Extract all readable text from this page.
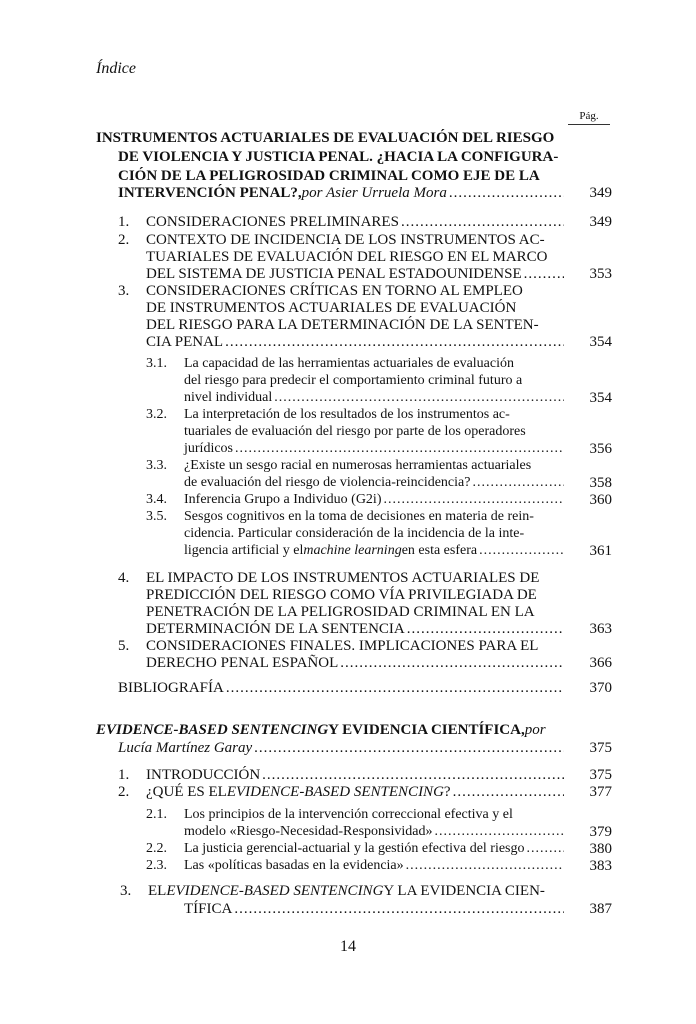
Índice
Pág.
INSTRUMENTOS ACTUARIALES DE EVALUACIÓN DEL RIESGO
DE VIOLENCIA Y JUSTICIA PENAL. ¿HACIA LA CONFIGURA-
CIÓN DE LA PELIGROSIDAD CRIMINAL COMO EJE DE LA
INTERVENCIÓN PENAL?, por Asier Urruela Mora .....	349
1. CONSIDERACIONES PRELIMINARES .....	349
2. CONTEXTO DE INCIDENCIA DE LOS INSTRUMENTOS AC-
TUARIALES DE EVALUACIÓN DEL RIESGO EN EL MARCO
DEL SISTEMA DE JUSTICIA PENAL ESTADOUNIDENSE .....	353
3. CONSIDERACIONES CRÍTICAS EN TORNO AL EMPLEO
DE INSTRUMENTOS ACTUARIALES DE EVALUACIÓN
DEL RIESGO PARA LA DETERMINACIÓN DE LA SENTEN-
CIA PENAL .....	354
3.1. La capacidad de las herramientas actuariales de evaluación
del riesgo para predecir el comportamiento criminal futuro a
nivel individual .....	354
3.2. La interpretación de los resultados de los instrumentos ac-
tuariales de evaluación del riesgo por parte de los operadores
jurídicos .....	356
3.3. ¿Existe un sesgo racial en numerosas herramientas actuariales
de evaluación del riesgo de violencia-reincidencia? .....	358
3.4. Inferencia Grupo a Individuo (G2i) .....	360
3.5. Sesgos cognitivos en la toma de decisiones en materia de rein-
cidencia. Particular consideración de la incidencia de la inte-
ligencia artificial y el machine learning en esta esfera .....	361
4. EL IMPACTO DE LOS INSTRUMENTOS ACTUARIALES DE
PREDICCIÓN DEL RIESGO COMO VÍA PRIVILEGIADA DE
PENETRACIÓN DE LA PELIGROSIDAD CRIMINAL EN LA
DETERMINACIÓN DE LA SENTENCIA .....	363
5. CONSIDERACIONES FINALES. IMPLICACIONES PARA EL
DERECHO PENAL ESPAÑOL .....	366
BIBLIOGRAFÍA .....	370
EVIDENCE-BASED SENTENCING Y EVIDENCIA CIENTÍFICA, por
Lucía Martínez Garay .....	375
1. INTRODUCCIÓN .....	375
2. ¿QUÉ ES EL EVIDENCE-BASED SENTENCING ? .....	377
2.1. Los principios de la intervención correccional efectiva y el
modelo «Riesgo-Necesidad-Responsividad» .....	379
2.2. La justicia gerencial-actuarial y la gestión efectiva del riesgo .....	380
2.3. Las «políticas basadas en la evidencia» .....	383
3. EL EVIDENCE-BASED SENTENCING Y LA EVIDENCIA CIEN-
TÍFICA .....	387
14
